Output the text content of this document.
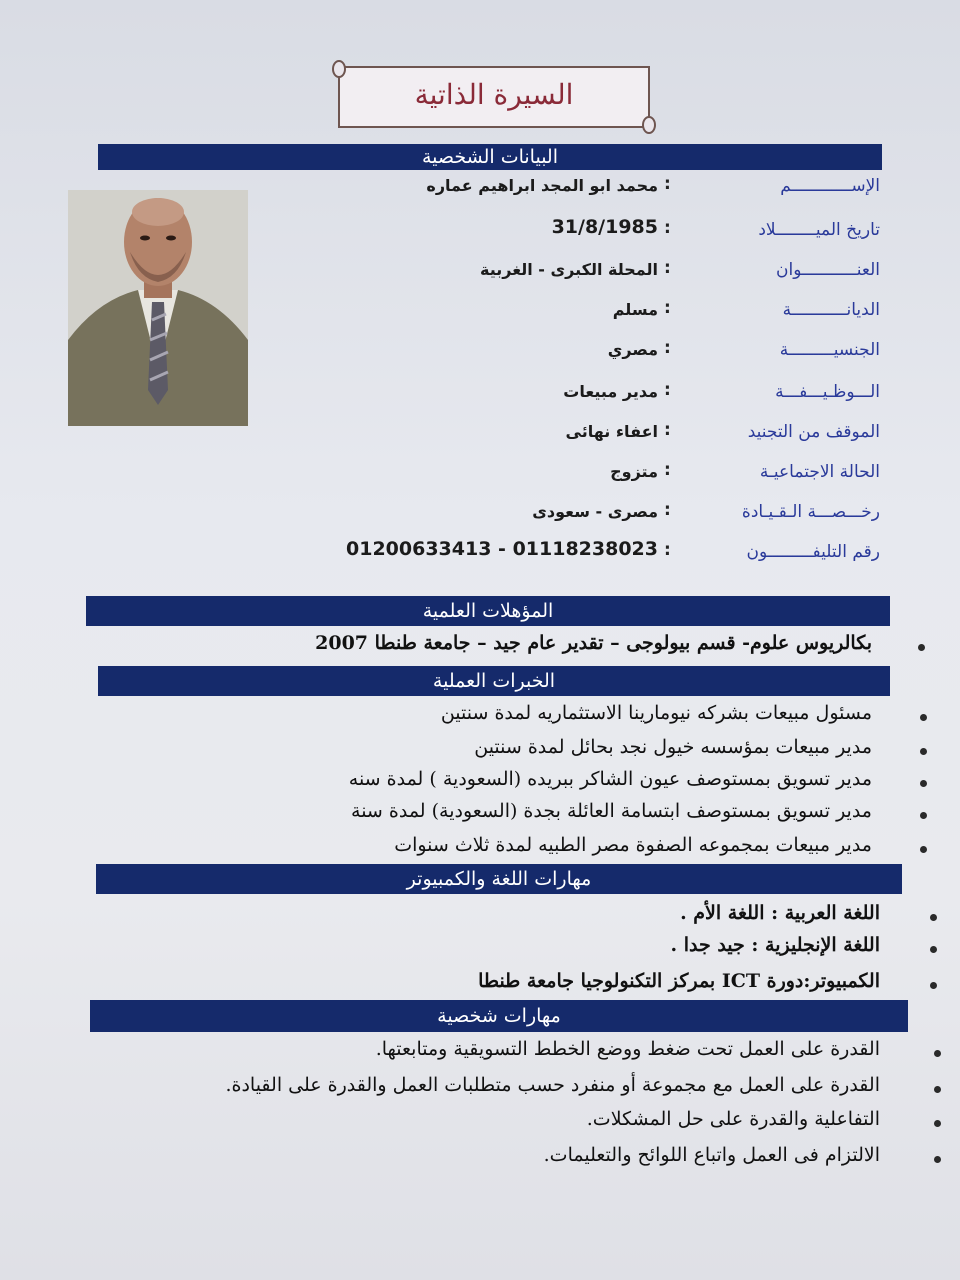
السيرة الذاتية
البيانات الشخصية
الإســــــــــــم
:
محمد ابو المجد ابراهيم عماره
تاريخ الميــــــــلاد
:
31/8/1985
العنـــــــــــوان
:
المحلة الكبرى - الغربية
الديانـــــــــــة
:
مسلم
الجنسيـــــــــة
:
مصري
الـــوظـيـــفـــة
:
مدير مبيعات
الموقف من التجنيد
:
اعفاء نهائى
الحالة الاجتماعيـة
:
متزوج
رخـــصـــة الـقـيـادة
:
مصرى - سعودى
رقم التليفـــــــــون
:
01118238023 - 01200633413
المؤهلات العلمية
بكالريوس علوم- قسم بيولوجى – تقدير عام جيد – جامعة طنطا 2007
الخبرات العملية
مسئول مبيعات بشركه نيومارينا الاستثماريه لمدة سنتين
مدير مبيعات بمؤسسه خيول نجد بحائل لمدة سنتين
مدير تسويق بمستوصف عيون الشاكر ببريده (السعودية ) لمدة سنه
مدير تسويق بمستوصف ابتسامة العائلة بجدة (السعودية) لمدة سنة
مدير مبيعات بمجموعه الصفوة مصر الطبيه لمدة ثلاث سنوات
مهارات اللغة والكمبيوتر
اللغة العربية : اللغة الأم .
اللغة الإنجليزية : جيد جدا .
الكمبيوتر:دورة ICT بمركز التكنولوجيا جامعة طنطا
مهارات شخصية
القدرة على العمل تحت ضغط ووضع الخطط التسويقية ومتابعتها.
القدرة على العمل مع مجموعة أو منفرد حسب متطلبات العمل والقدرة على القيادة.
التفاعلية والقدرة على حل المشكلات.
الالتزام فى العمل واتباع اللوائح والتعليمات.
